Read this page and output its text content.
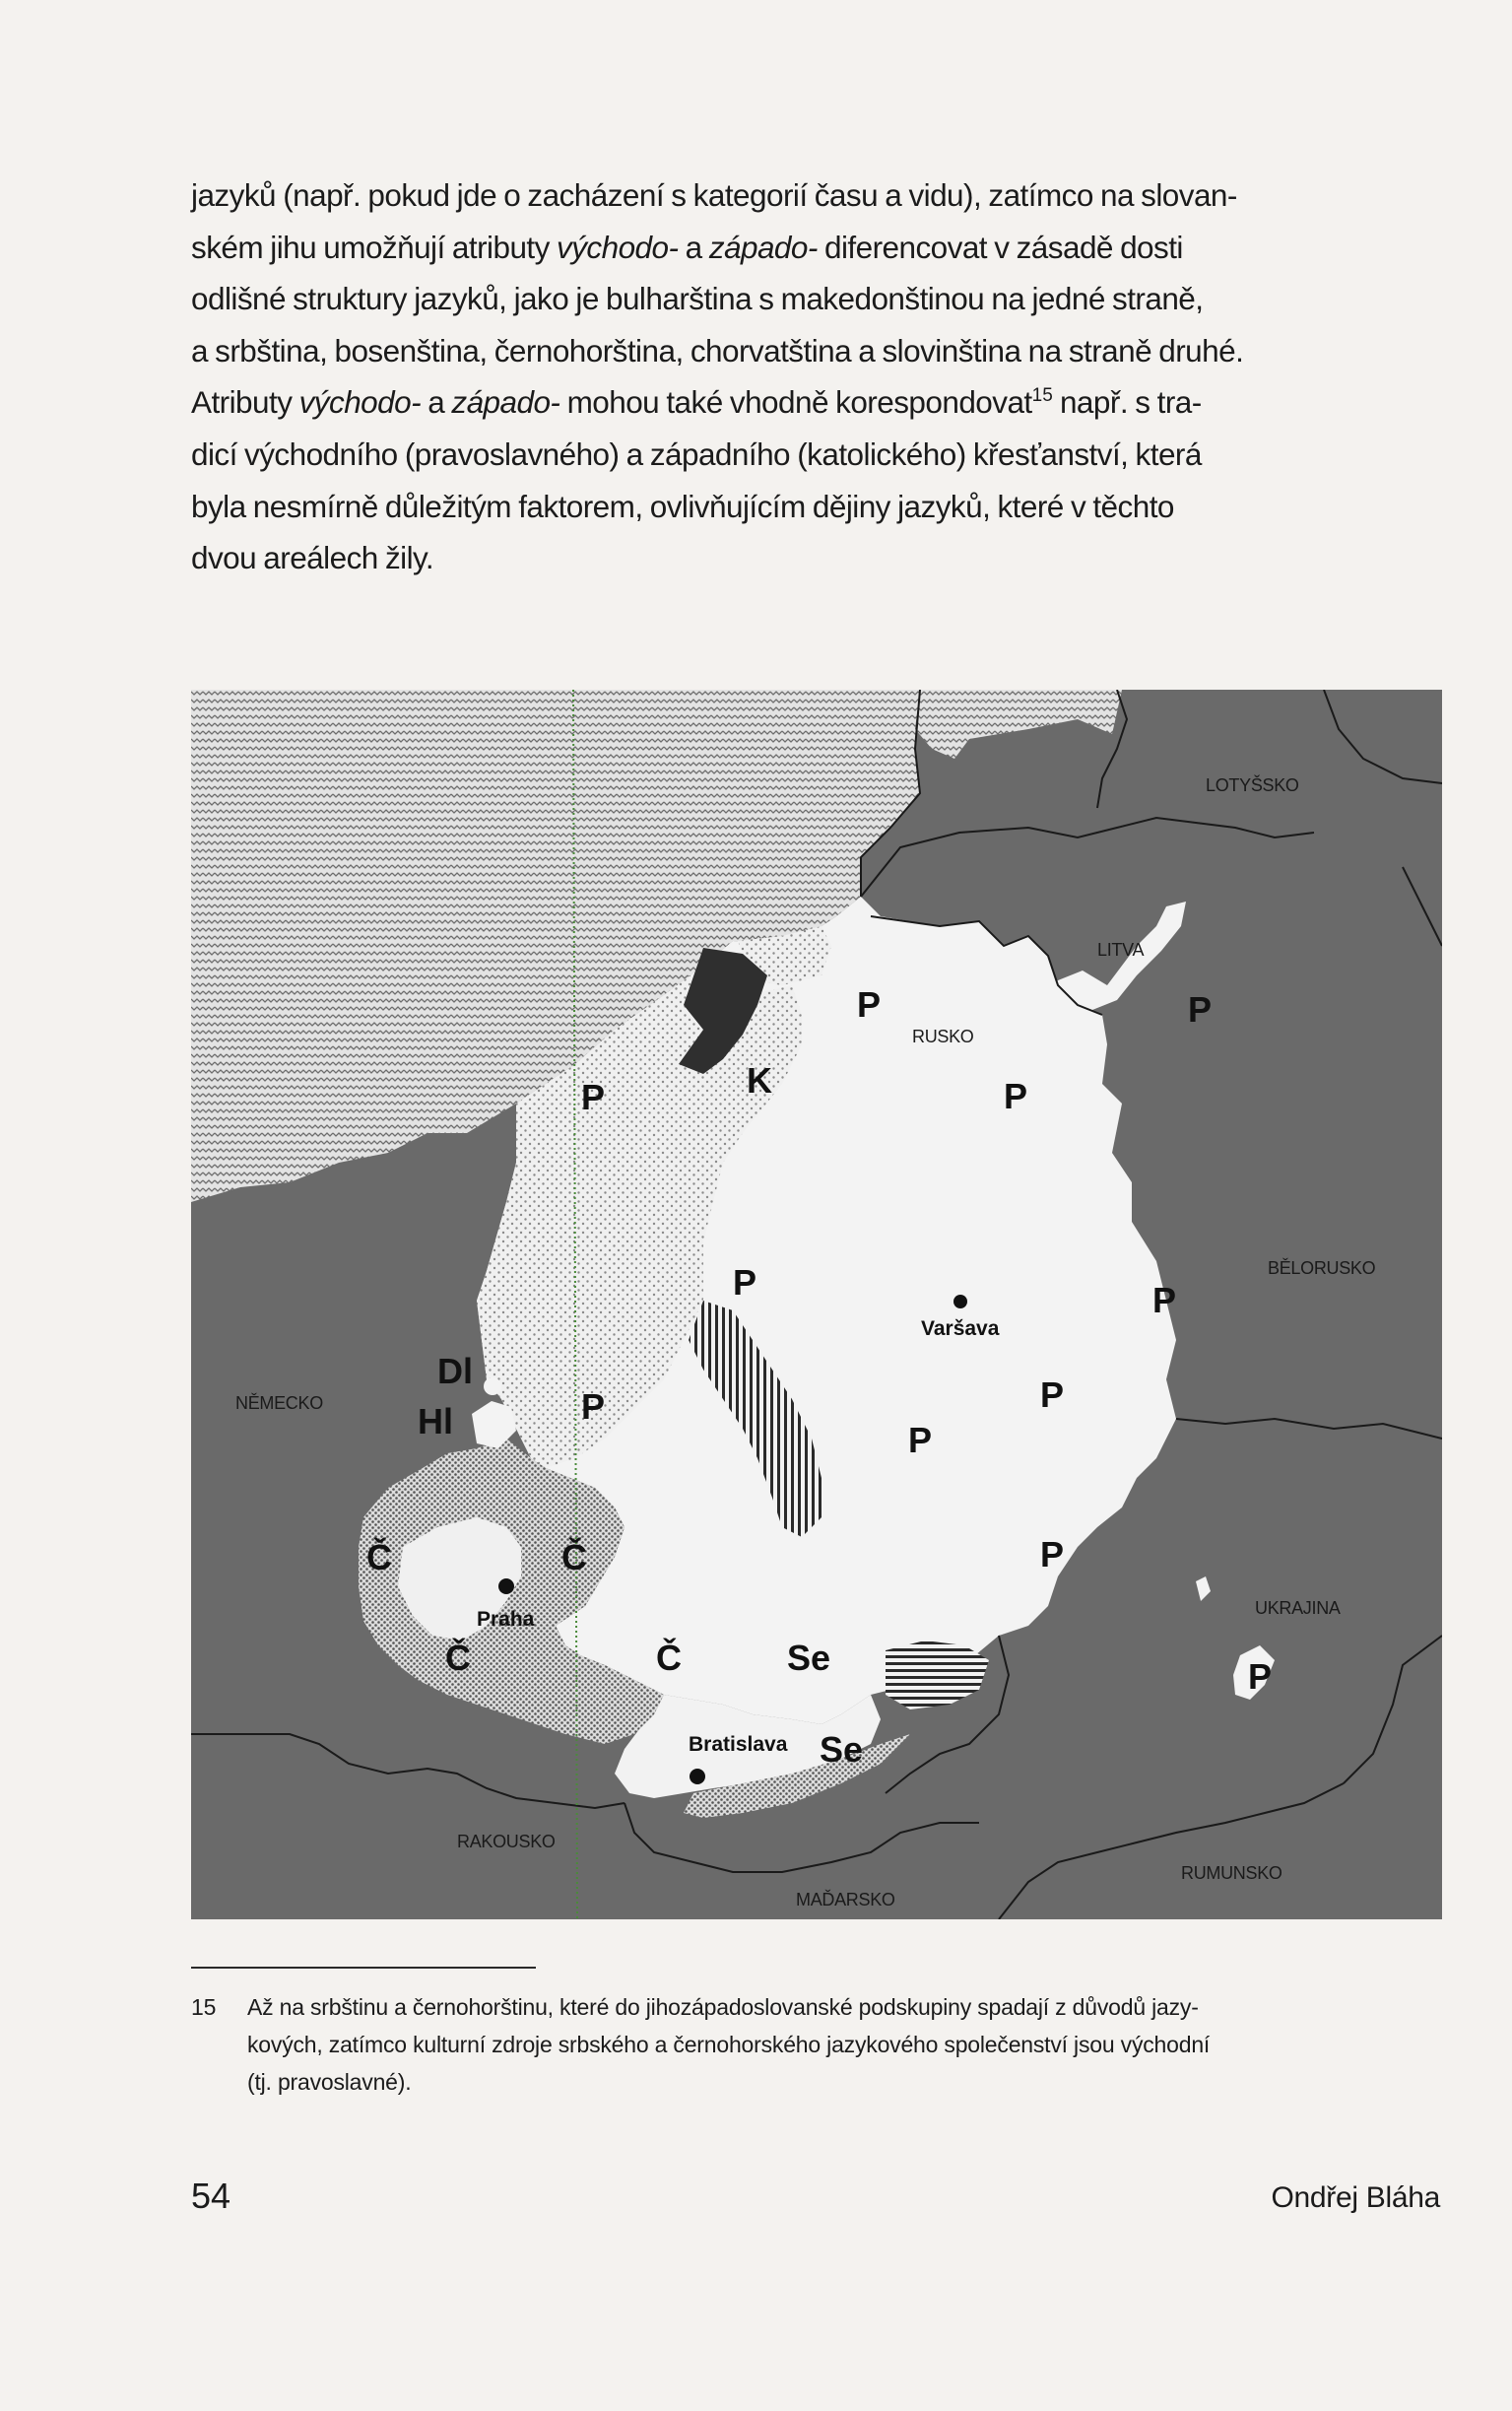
jazyků (např. pokud jde o zacházení s kategorií času a vidu), zatímco na slovan-
ském jihu umožňují atributy východo- a západo- diferencovat v zásadě dosti
odlišné struktury jazyků, jako je bulharština s makedonštinou na jedné straně,
a srbština, bosenština, černohorština, chorvatština a slovinština na straně druhé.
Atributy východo- a západo- mohou také vhodně korespondovat$^{15}$ např. s tra-
dicí východního (pravoslavného) a západního (katolického) křesťanství, která
byla nesmírně důležitým faktorem, ovlivňujícím dějiny jazyků, které v těchto
dvou areálech žily.
LOTYŠSKO
LITVA
RUSKO
BĚLORUSKO
NĚMECKO
UKRAJINA
RAKOUSKO
MAĎARSKO
RUMUNSKO
Varšava
Praha
Bratislava
P
P
P	P
K
P	P
P	P
P
P
P
Dl
Hl
Č	Č
Č	Č	Se
Se
15 Až na srbštinu a černohorštinu, které do jihozápadoslovanské podskupiny spadají z důvodů jazy-
kových, zatímco kulturní zdroje srbského a černohorského jazykového společenství jsou východní
(tj. pravoslavné).
54	Ondřej Bláha
